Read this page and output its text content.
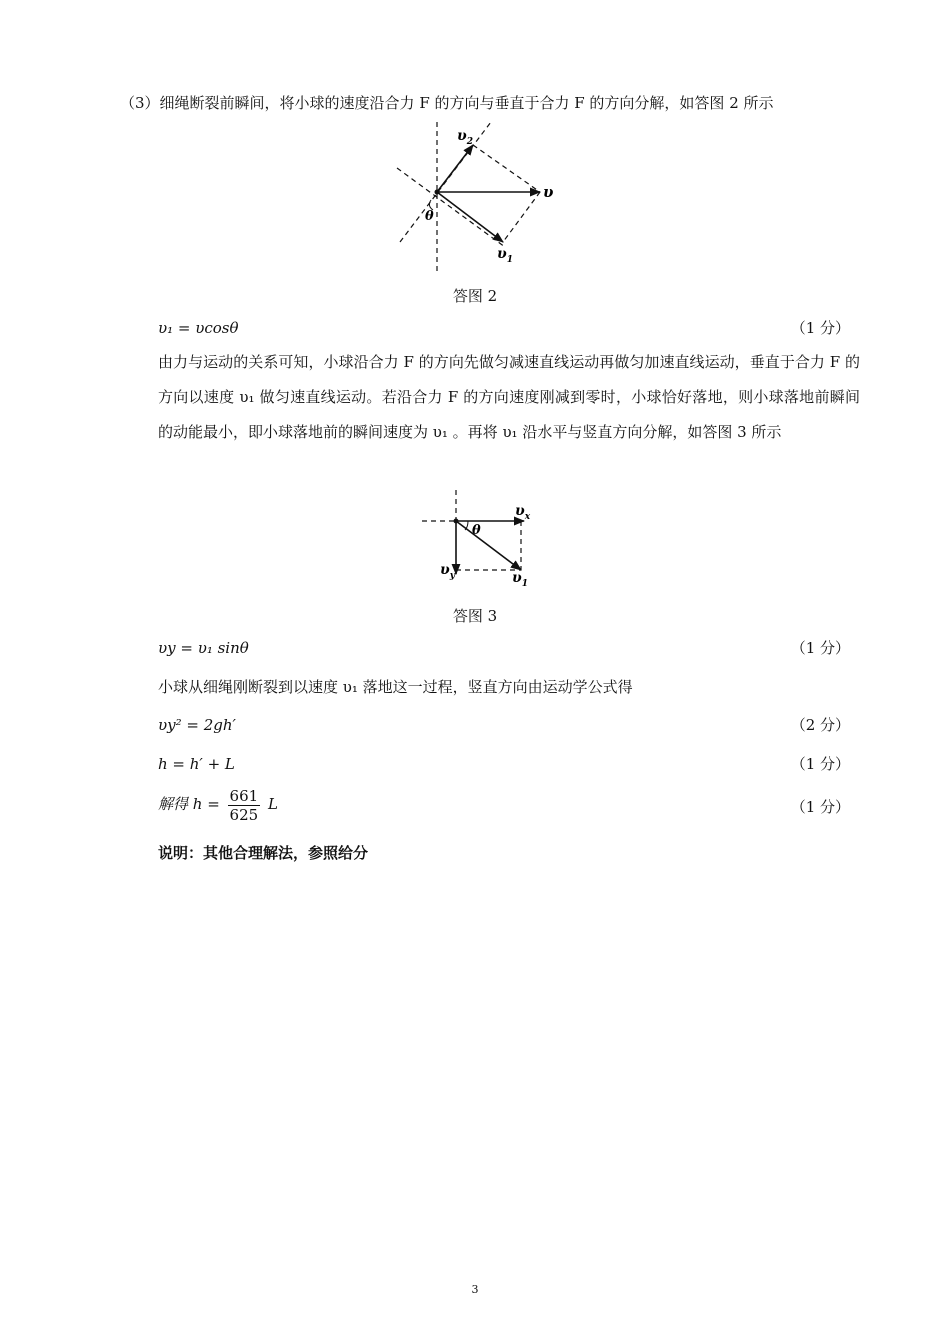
（3）细绳断裂前瞬间，将小球的速度沿合力 F 的方向与垂直于合力 F 的方向分解，如答图 2 所示
θ
υ
$\upsilon_2$
$\upsilon_1$
答图 2
υ₁ = υcosθ	（1 分）
由力与运动的关系可知，小球沿合力 F 的方向先做匀减速直线运动再做匀加速直线运动，垂直于合力 F 的方向以速度 υ₁ 做匀速直线运动。若沿合力 F 的方向速度刚减到零时，小球恰好落地，则小球落地前瞬间的动能最小，即小球落地前的瞬间速度为 υ₁ 。再将 υ₁ 沿水平与竖直方向分解，如答图 3 所示
θ
$\upsilon_x$
$\upsilon_y$	$\upsilon_1$
答图 3
υy = υ₁ sinθ	（1 分）
小球从细绳刚断裂到以速度 υ₁ 落地这一过程，竖直方向由运动学公式得
υy² = 2gh′	（2 分）
h = h′ + L	（1 分）
解得 $h = \frac{661}{625}$ L	（1 分）
说明：其他合理解法，参照给分
3
